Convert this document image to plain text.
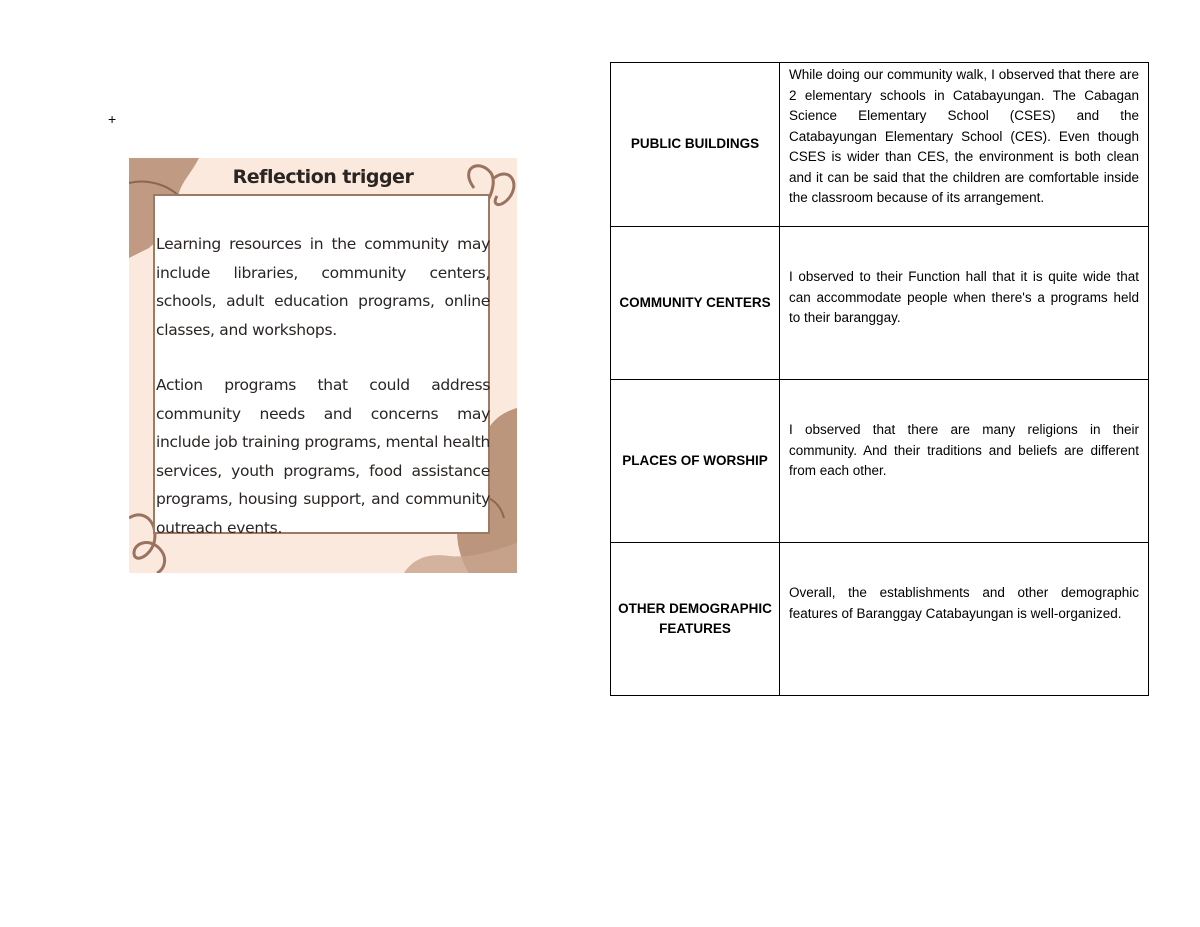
+
Reflection trigger

Learning resources in the community may include libraries, community centers, schools, adult education programs, online classes, and workshops.

Action programs that could address community needs and concerns may include job training programs, mental health services, youth programs, food assistance programs, housing support, and community outreach events.

PUBLIC BUILDINGS	While doing our community walk, I observed that there are 2 elementary schools in Catabayungan. The Cabagan Science Elementary School (CSES) and the Catabayungan Elementary School (CES). Even though CSES is wider than CES, the environment is both clean and it can be said that the children are comfortable inside the classroom because of its arrangement.
COMMUNITY CENTERS	I observed to their Function hall that it is quite wide that can accommodate people when there's a programs held to their baranggay.
PLACES OF WORSHIP	I observed that there are many religions in their community. And their traditions and beliefs are different from each other.
OTHER DEMOGRAPHIC FEATURES	Overall, the establishments and other demographic features of Baranggay Catabayungan is well-organized.
